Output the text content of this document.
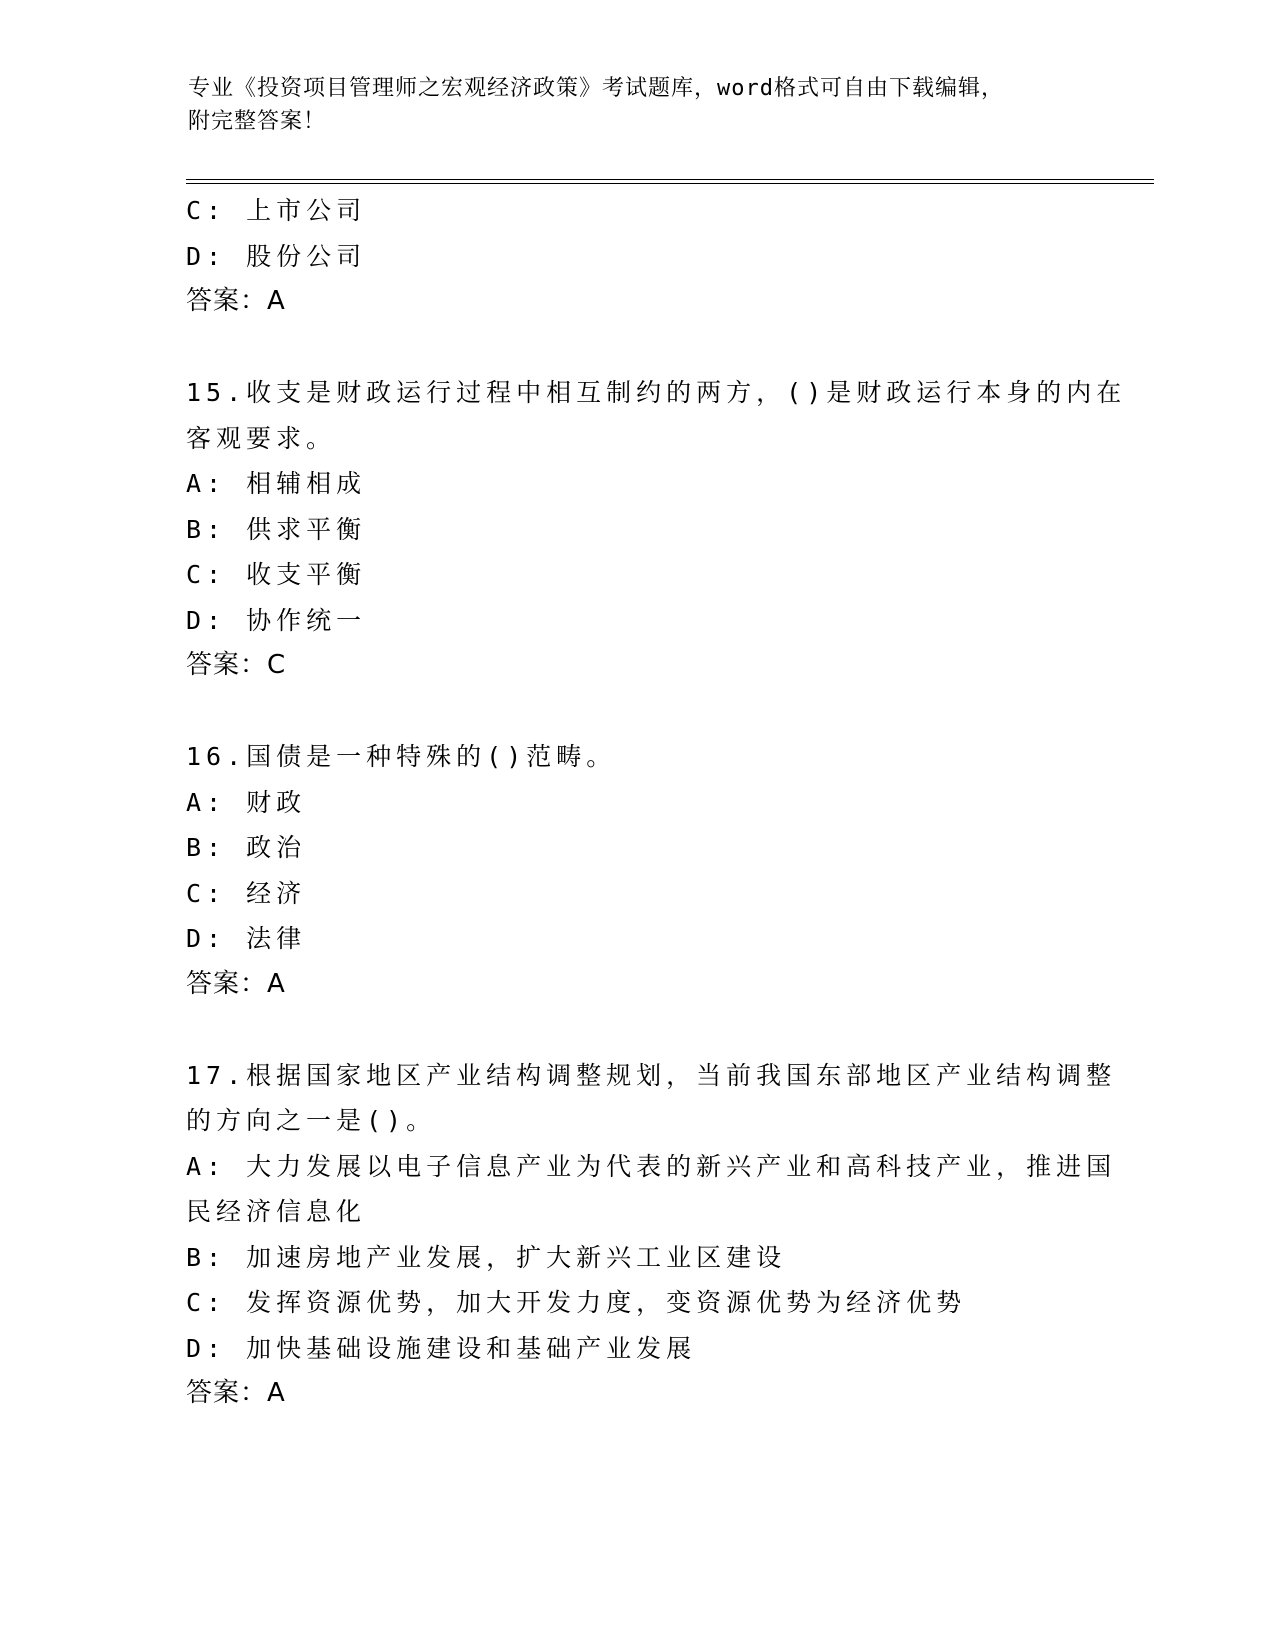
专业《投资项目管理师之宏观经济政策》考试题库，word格式可自由下载编辑，
附完整答案！
C: 上市公司
D: 股份公司
答案：A
15.收支是财政运行过程中相互制约的两方，()是财政运行本身的内在
客观要求。
A: 相辅相成
B: 供求平衡
C: 收支平衡
D: 协作统一
答案：C
16.国债是一种特殊的()范畴。
A: 财政
B: 政治
C: 经济
D: 法律
答案：A
17.根据国家地区产业结构调整规划，当前我国东部地区产业结构调整
的方向之一是()。
A: 大力发展以电子信息产业为代表的新兴产业和高科技产业，推进国
民经济信息化
B: 加速房地产业发展，扩大新兴工业区建设
C: 发挥资源优势，加大开发力度，变资源优势为经济优势
D: 加快基础设施建设和基础产业发展
答案：A
